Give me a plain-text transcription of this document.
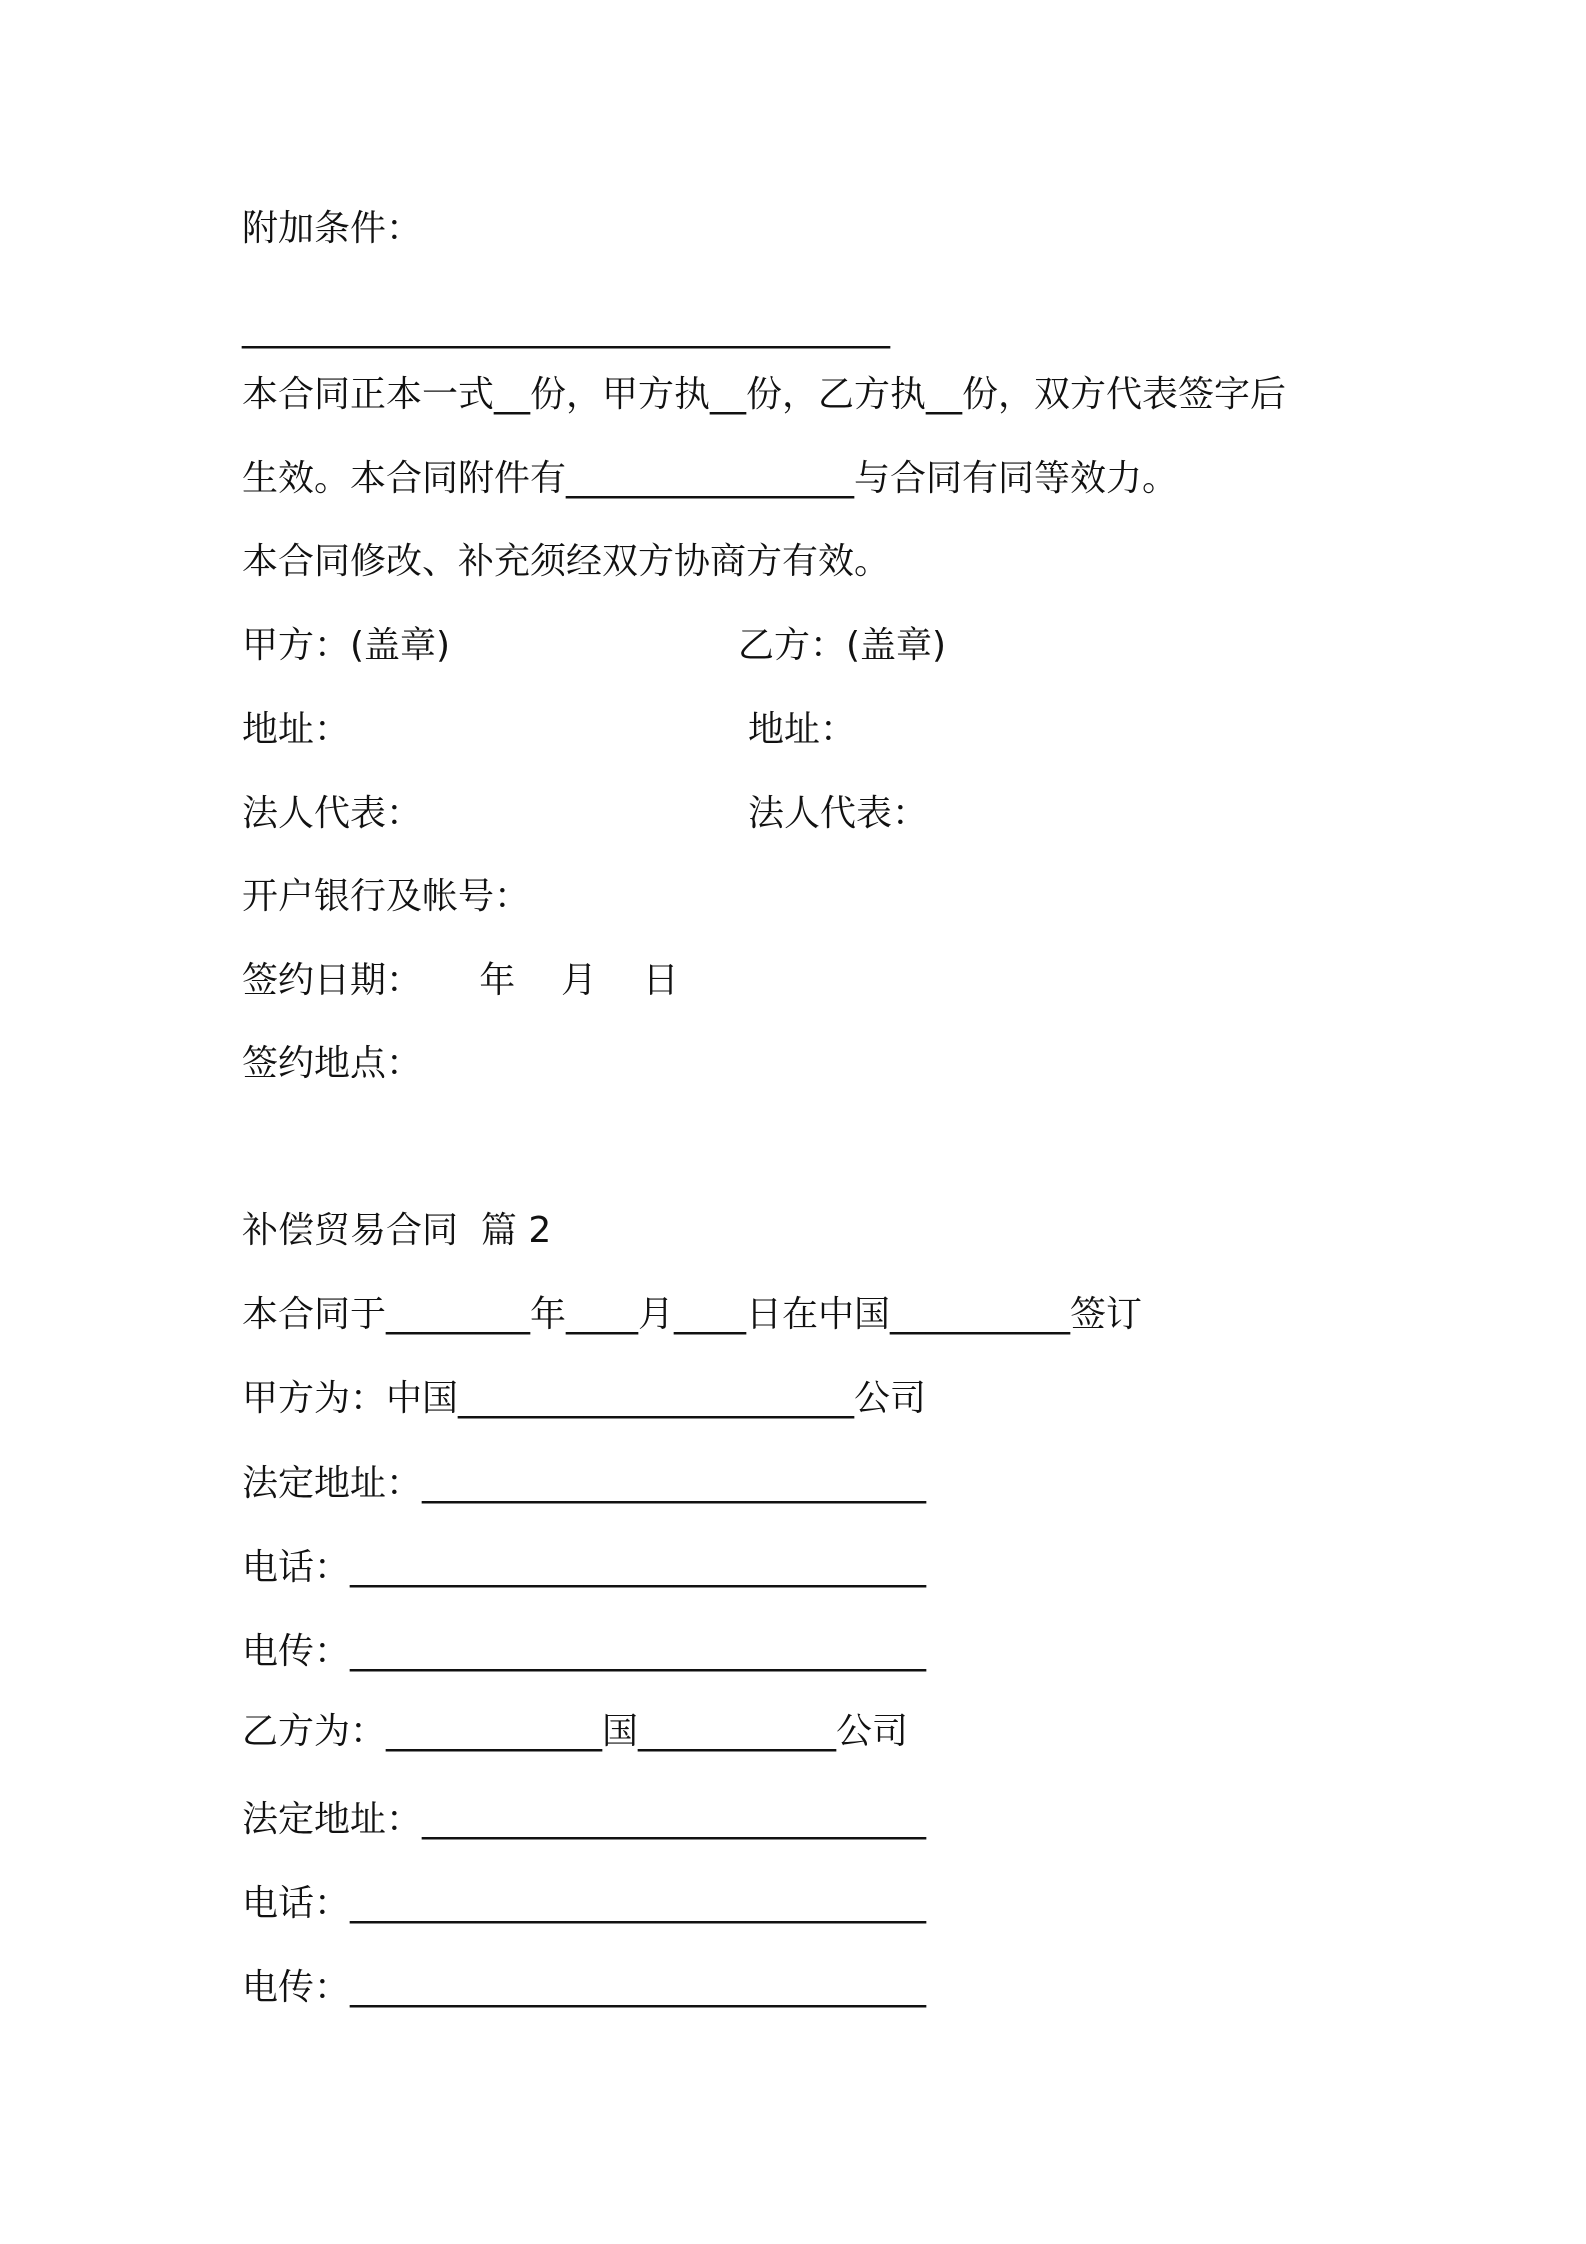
附加条件：
____________________________________
本合同正本一式__份，甲方执__份，乙方执__份，双方代表签字后
生效。本合同附件有________________与合同有同等效力。
本合同修改、补充须经双方协商方有效。
甲方：(盖章)	乙方：(盖章)
地址：	地址：
法人代表：	法人代表：
开户银行及帐号：
签约日期：     年    月    日
签约地点：
补偿贸易合同  篇 2
本合同于________年____月____日在中国__________签订
甲方为：中国______________________公司
法定地址：____________________________
电话：________________________________
电传：________________________________
乙方为：____________国___________公司
法定地址：____________________________
电话：________________________________
电传：________________________________
